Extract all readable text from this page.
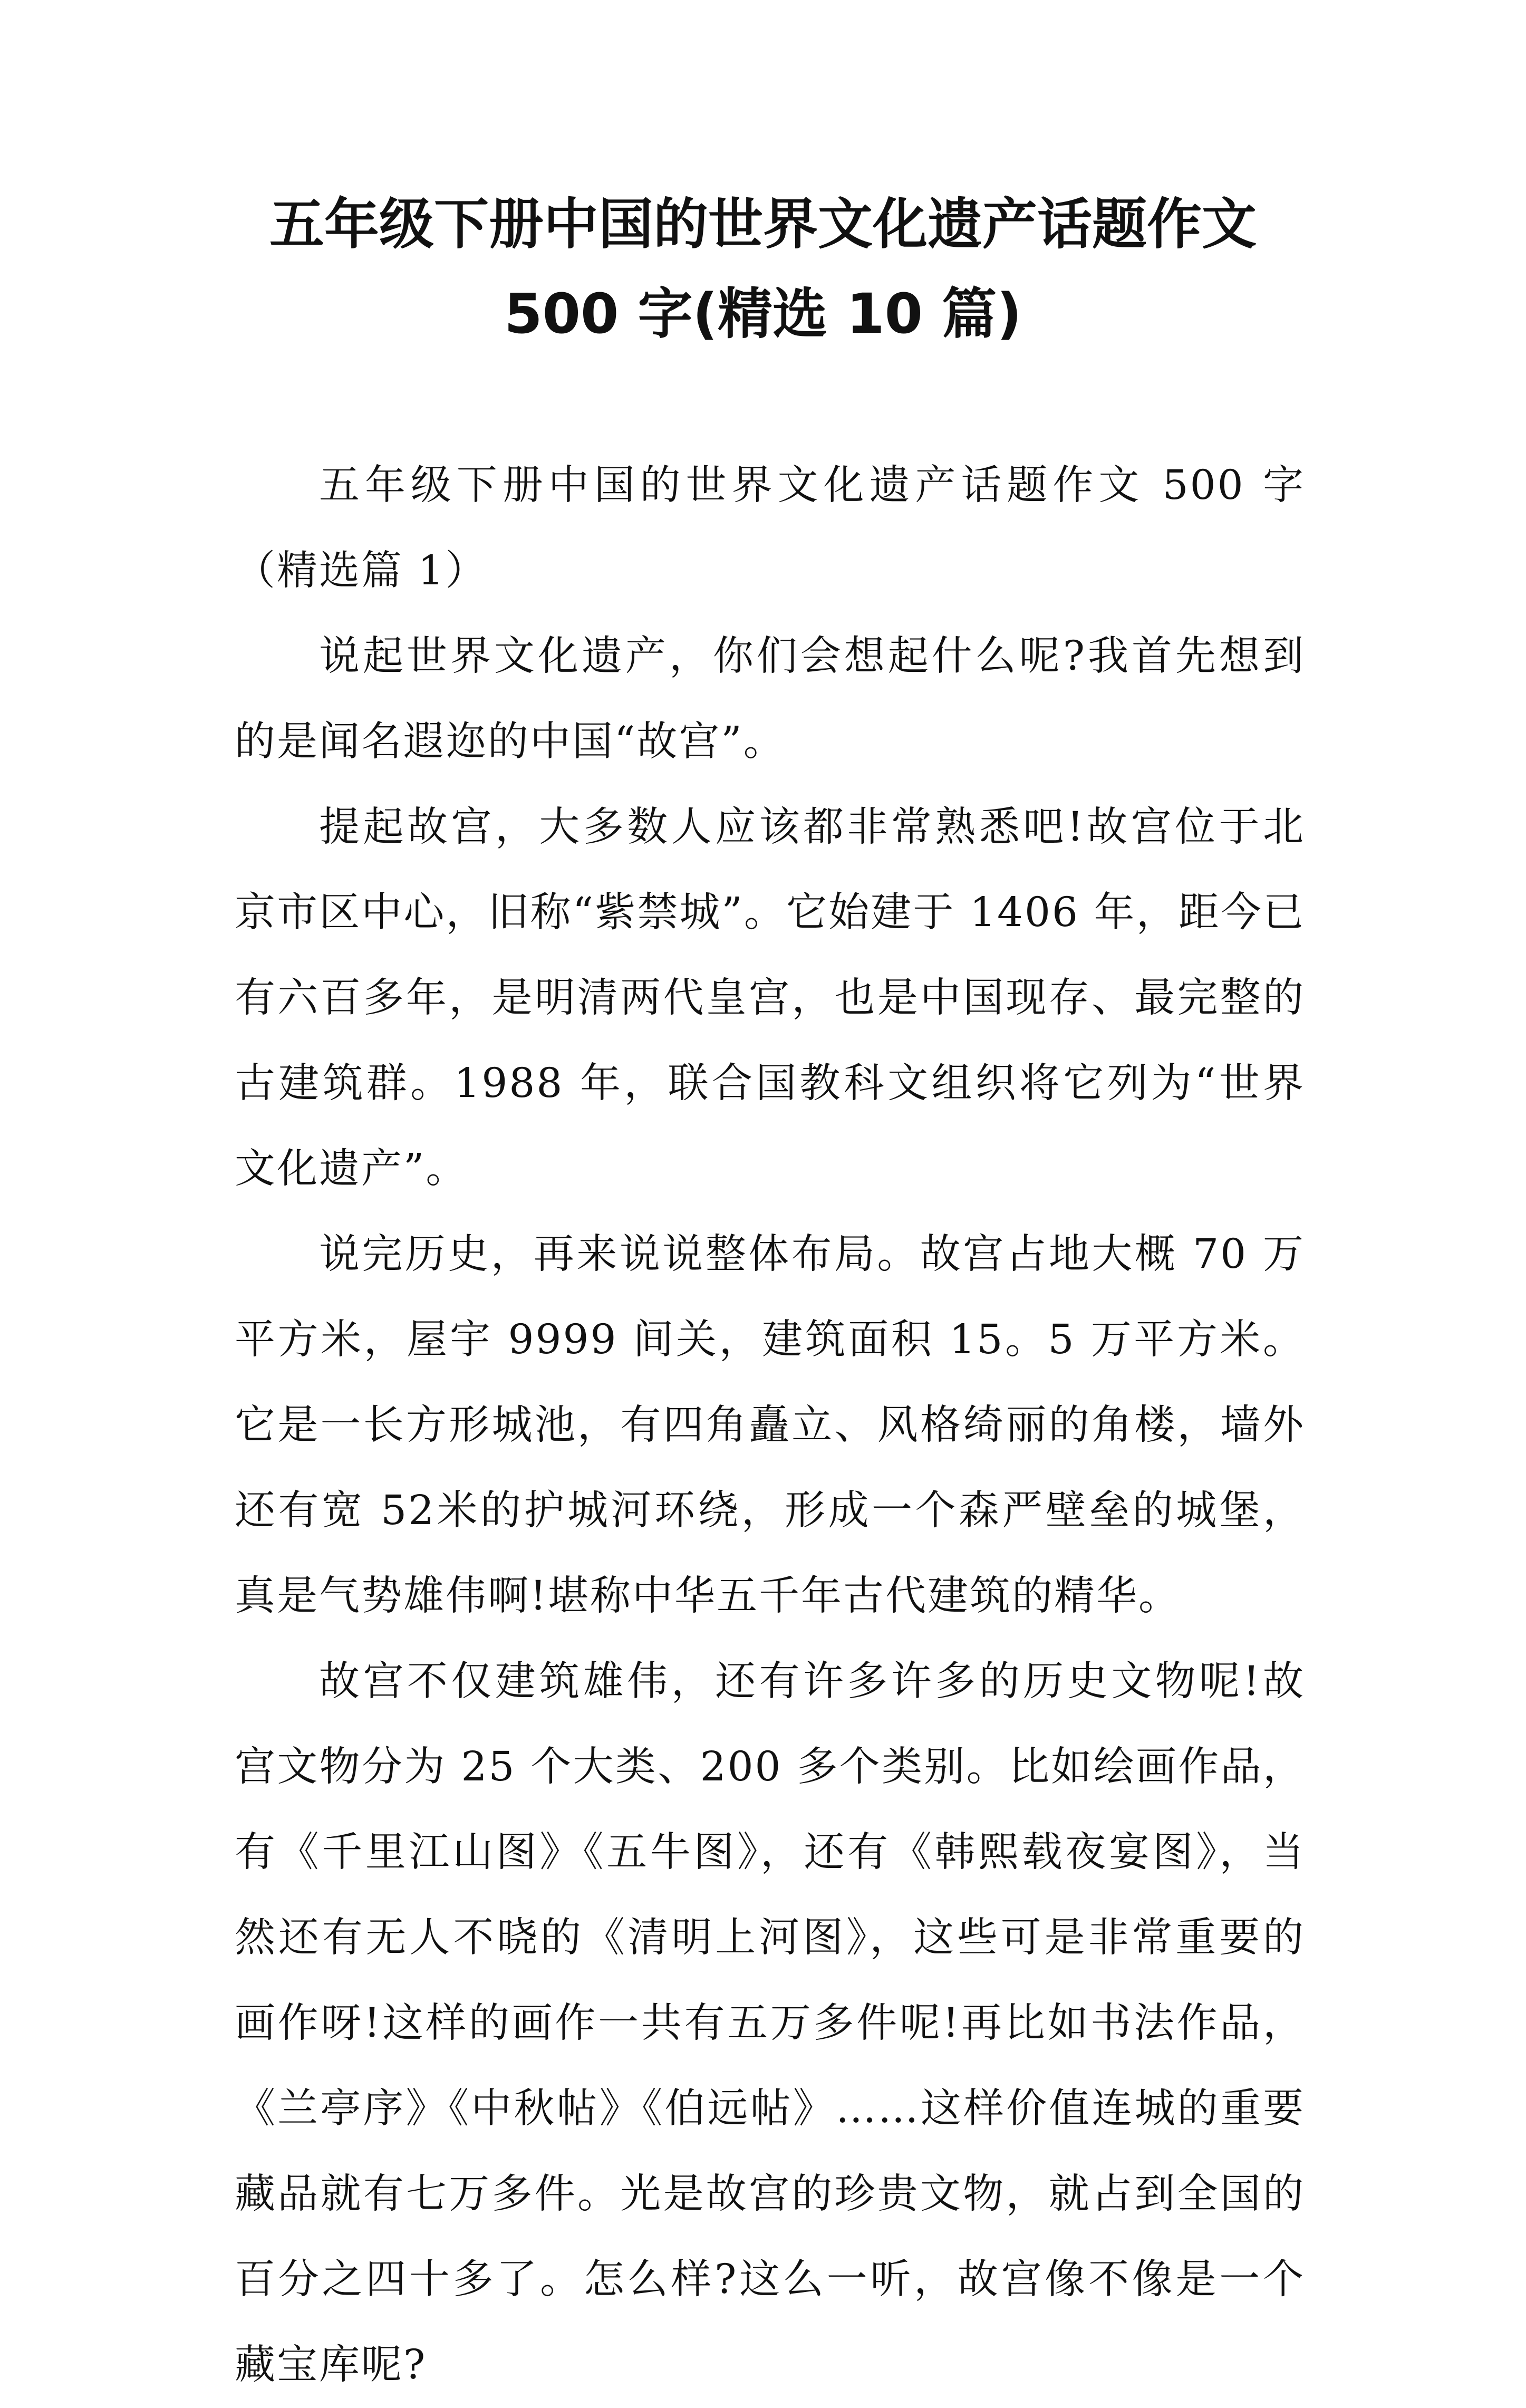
五年级下册中国的世界文化遗产话题作文
500 字(精选 10 篇)

五年级下册中国的世界文化遗产话题作文 500 字（精选篇 1）

说起世界文化遗产，你们会想起什么呢?我首先想到的是闻名遐迩的中国“故宫”。

提起故宫，大多数人应该都非常熟悉吧!故宫位于北京市区中心，旧称“紫禁城”。它始建于 1406 年，距今已有六百多年，是明清两代皇宫，也是中国现存、最完整的古建筑群。1988 年，联合国教科文组织将它列为“世界文化遗产”。

说完历史，再来说说整体布局。故宫占地大概 70 万平方米，屋宇 9999 间关，建筑面积 15。5 万平方米。它是一长方形城池，有四角矗立、风格绮丽的角楼，墙外还有宽 52米的护城河环绕，形成一个森严壁垒的城堡，真是气势雄伟啊!堪称中华五千年古代建筑的精华。

故宫不仅建筑雄伟，还有许多许多的历史文物呢!故宫文物分为 25 个大类、200 多个类别。比如绘画作品，有《千里江山图》《五牛图》，还有《韩熙载夜宴图》，当然还有无人不晓的《清明上河图》，这些可是非常重要的画作呀!这样的画作一共有五万多件呢!再比如书法作品，《兰亭序》《中秋帖》《伯远帖》……这样价值连城的重要藏品就有七万多件。光是故宫的珍贵文物，就占到全国的百分之四十多了。怎么样?这么一听，故宫像不像是一个藏宝库呢?
